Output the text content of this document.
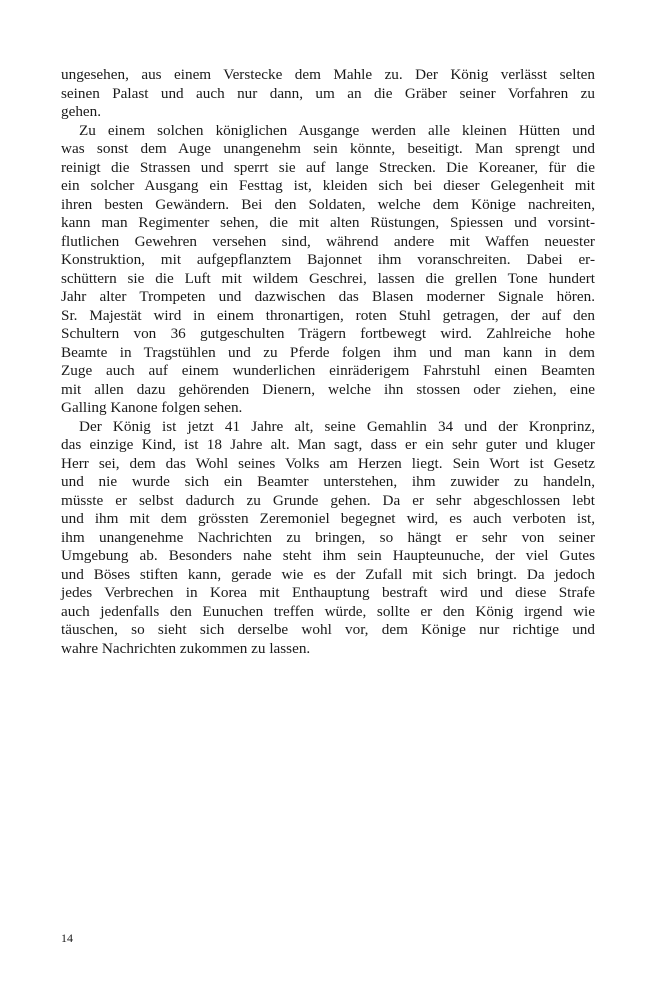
ungesehen, aus einem Verstecke dem Mahle zu. Der König verlässt selten
seinen Palast und auch nur dann, um an die Gräber seiner Vorfahren zu
gehen.
Zu einem solchen königlichen Ausgange werden alle kleinen Hütten und
was sonst dem Auge unangenehm sein könnte, beseitigt. Man sprengt und
reinigt die Strassen und sperrt sie auf lange Strecken. Die Koreaner, für die
ein solcher Ausgang ein Festtag ist, kleiden sich bei dieser Gelegenheit mit
ihren besten Gewändern. Bei den Soldaten, welche dem Könige nachreiten,
kann man Regimenter sehen, die mit alten Rüstungen, Spiessen und vorsint-
flutlichen Gewehren versehen sind, während andere mit Waffen neuester
Konstruktion, mit aufgepflanztem Bajonnet ihm voranschreiten. Dabei er-
schüttern sie die Luft mit wildem Geschrei, lassen die grellen Tone hundert
Jahr alter Trompeten und dazwischen das Blasen moderner Signale hören.
Sr. Majestät wird in einem thronartigen, roten Stuhl getragen, der auf den
Schultern von 36 gutgeschulten Trägern fortbewegt wird. Zahlreiche hohe
Beamte in Tragstühlen und zu Pferde folgen ihm und man kann in dem
Zuge auch auf einem wunderlichen einräderigem Fahrstuhl einen Beamten
mit allen dazu gehörenden Dienern, welche ihn stossen oder ziehen, eine
Galling Kanone folgen sehen.
Der König ist jetzt 41 Jahre alt, seine Gemahlin 34 und der Kronprinz,
das einzige Kind, ist 18 Jahre alt. Man sagt, dass er ein sehr guter und kluger
Herr sei, dem das Wohl seines Volks am Herzen liegt. Sein Wort ist Gesetz
und nie wurde sich ein Beamter unterstehen, ihm zuwider zu handeln,
müsste er selbst dadurch zu Grunde gehen. Da er sehr abgeschlossen lebt
und ihm mit dem grössten Zeremoniel begegnet wird, es auch verboten ist,
ihm unangenehme Nachrichten zu bringen, so hängt er sehr von seiner
Umgebung ab. Besonders nahe steht ihm sein Haupteunuche, der viel Gutes
und Böses stiften kann, gerade wie es der Zufall mit sich bringt. Da jedoch
jedes Verbrechen in Korea mit Enthauptung bestraft wird und diese Strafe
auch jedenfalls den Eunuchen treffen würde, sollte er den König irgend wie
täuschen, so sieht sich derselbe wohl vor, dem Könige nur richtige und
wahre Nachrichten zukommen zu lassen.
14
